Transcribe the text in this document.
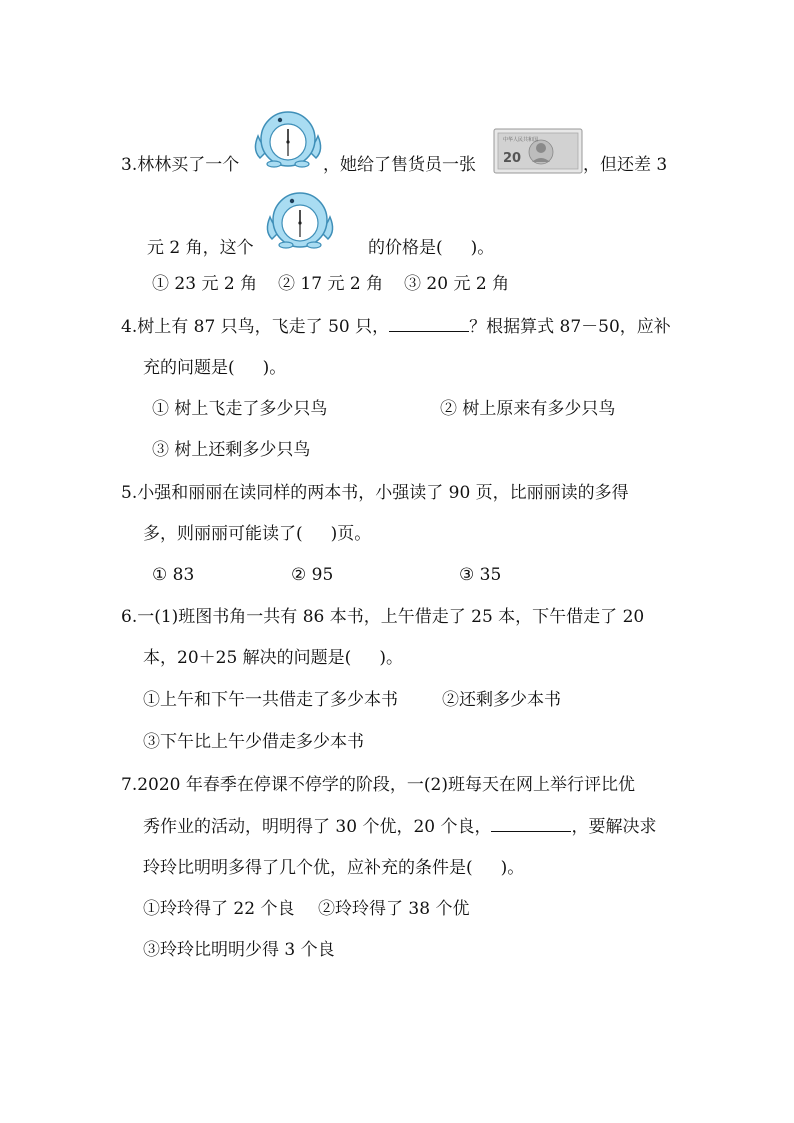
3.林林买了一个	，她给了售货员一张 20
中华人民共和国
，但还差 3
元 2 角，这个	的价格是( )。
① 23 元 2 角 ② 17 元 2 角 ③ 20 元 2 角
4.树上有 87 只鸟，飞走了 50 只，	？根据算式 87－50，应补
充的问题是( )。
① 树上飞走了多少只鸟	② 树上原来有多少只鸟
③ 树上还剩多少只鸟
5.小强和丽丽在读同样的两本书，小强读了 90 页，比丽丽读的多得
多，则丽丽可能读了( )页。
① 83	② 95	③ 35
6.一(1)班图书角一共有 86 本书，上午借走了 25 本，下午借走了 20
本，20＋25 解决的问题是( )。
①上午和下午一共借走了多少本书	②还剩多少本书
③下午比上午少借走多少本书
7.2020 年春季在停课不停学的阶段，一(2)班每天在网上举行评比优
秀作业的活动，明明得了 30 个优，20 个良，	，要解决求
玲玲比明明多得了几个优，应补充的条件是( )。
①玲玲得了 22 个良 ②玲玲得了 38 个优
③玲玲比明明少得 3 个良
